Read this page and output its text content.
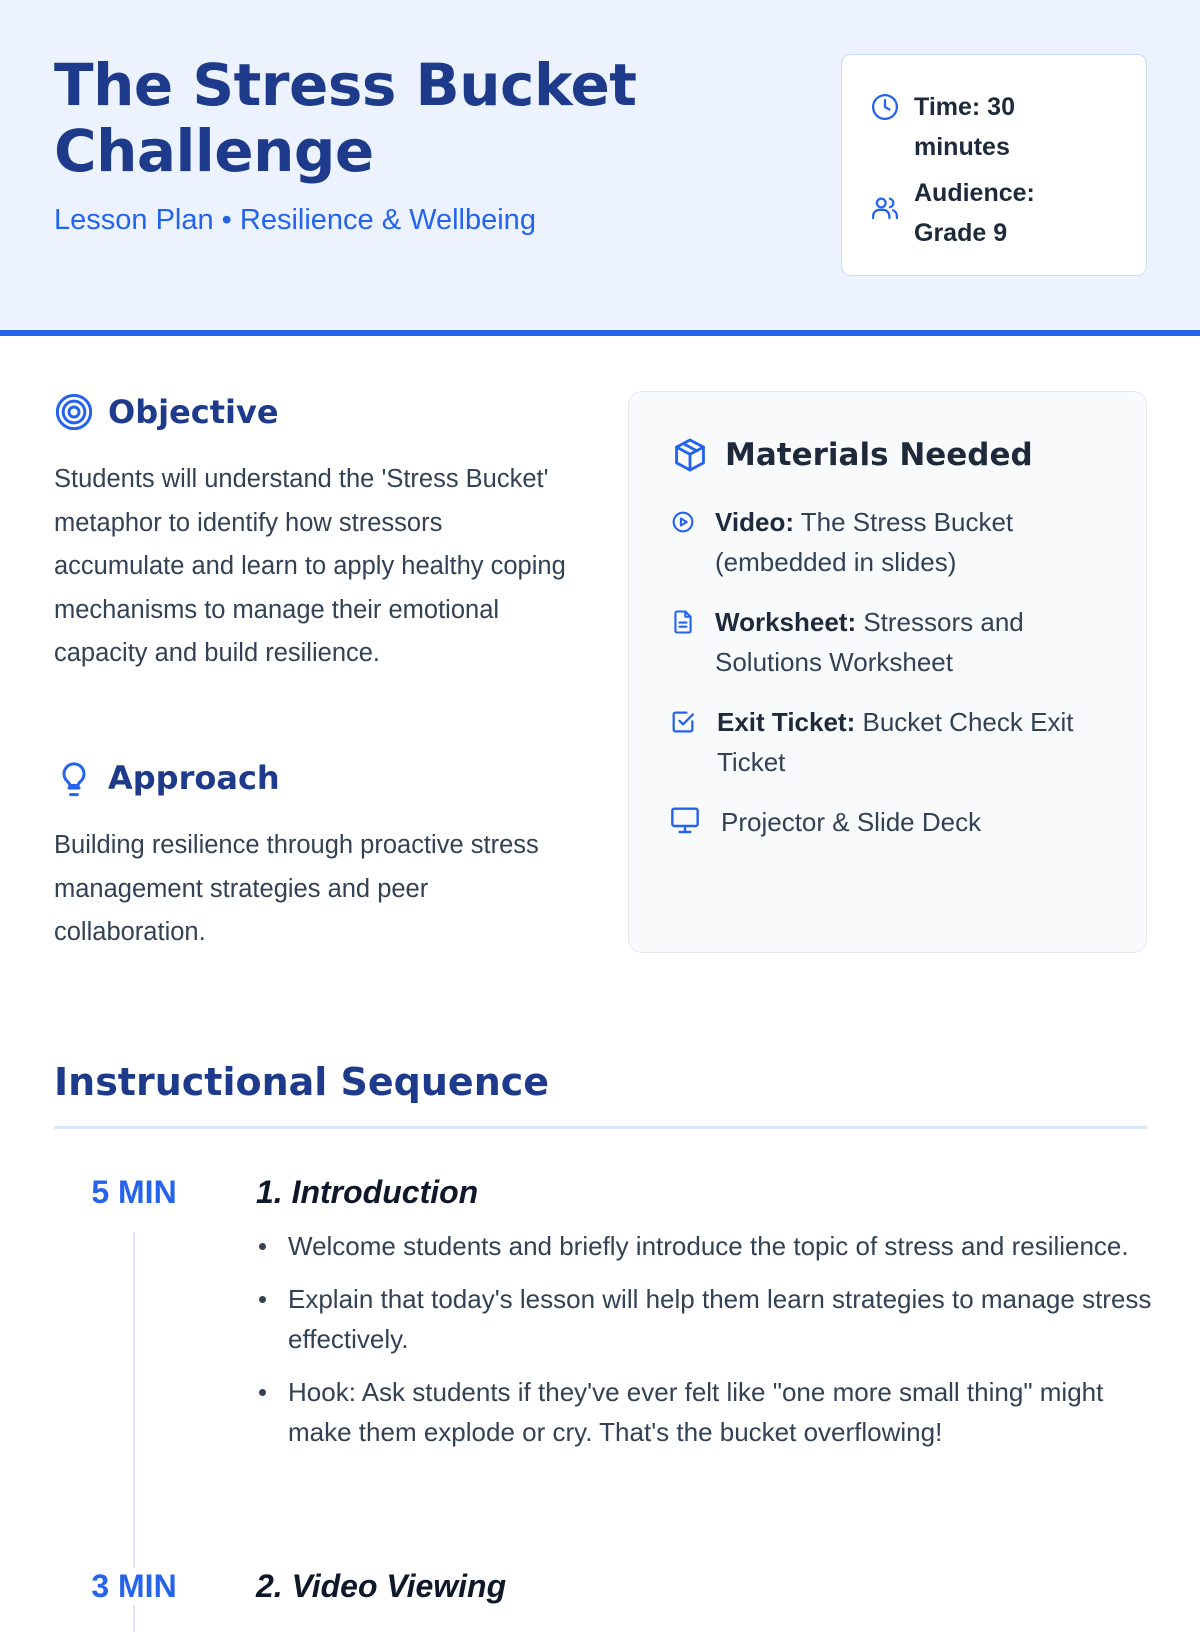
The Stress Bucket Challenge
Lesson Plan • Resilience & Wellbeing
Time: 30 minutes
Audience: Grade 9
Objective

Students will understand the 'Stress Bucket' metaphor to identify how stressors accumulate and learn to apply healthy coping mechanisms to manage their emotional capacity and build resilience.

Approach

Building resilience through proactive stress management strategies and peer collaboration.

Materials Needed
Video: The Stress Bucket (embedded in slides)
Worksheet: Stressors and Solutions Worksheet
Exit Ticket: Bucket Check Exit Ticket
Projector & Slide Deck
Instructional Sequence
5 MIN	1. Introduction
Welcome students and briefly introduce the topic of stress and resilience.
Explain that today's lesson will help them learn strategies to manage stress effectively.
Hook: Ask students if they've ever felt like "one more small thing" might make them explode or cry. That's the bucket overflowing!
3 MIN	2. Video Viewing
